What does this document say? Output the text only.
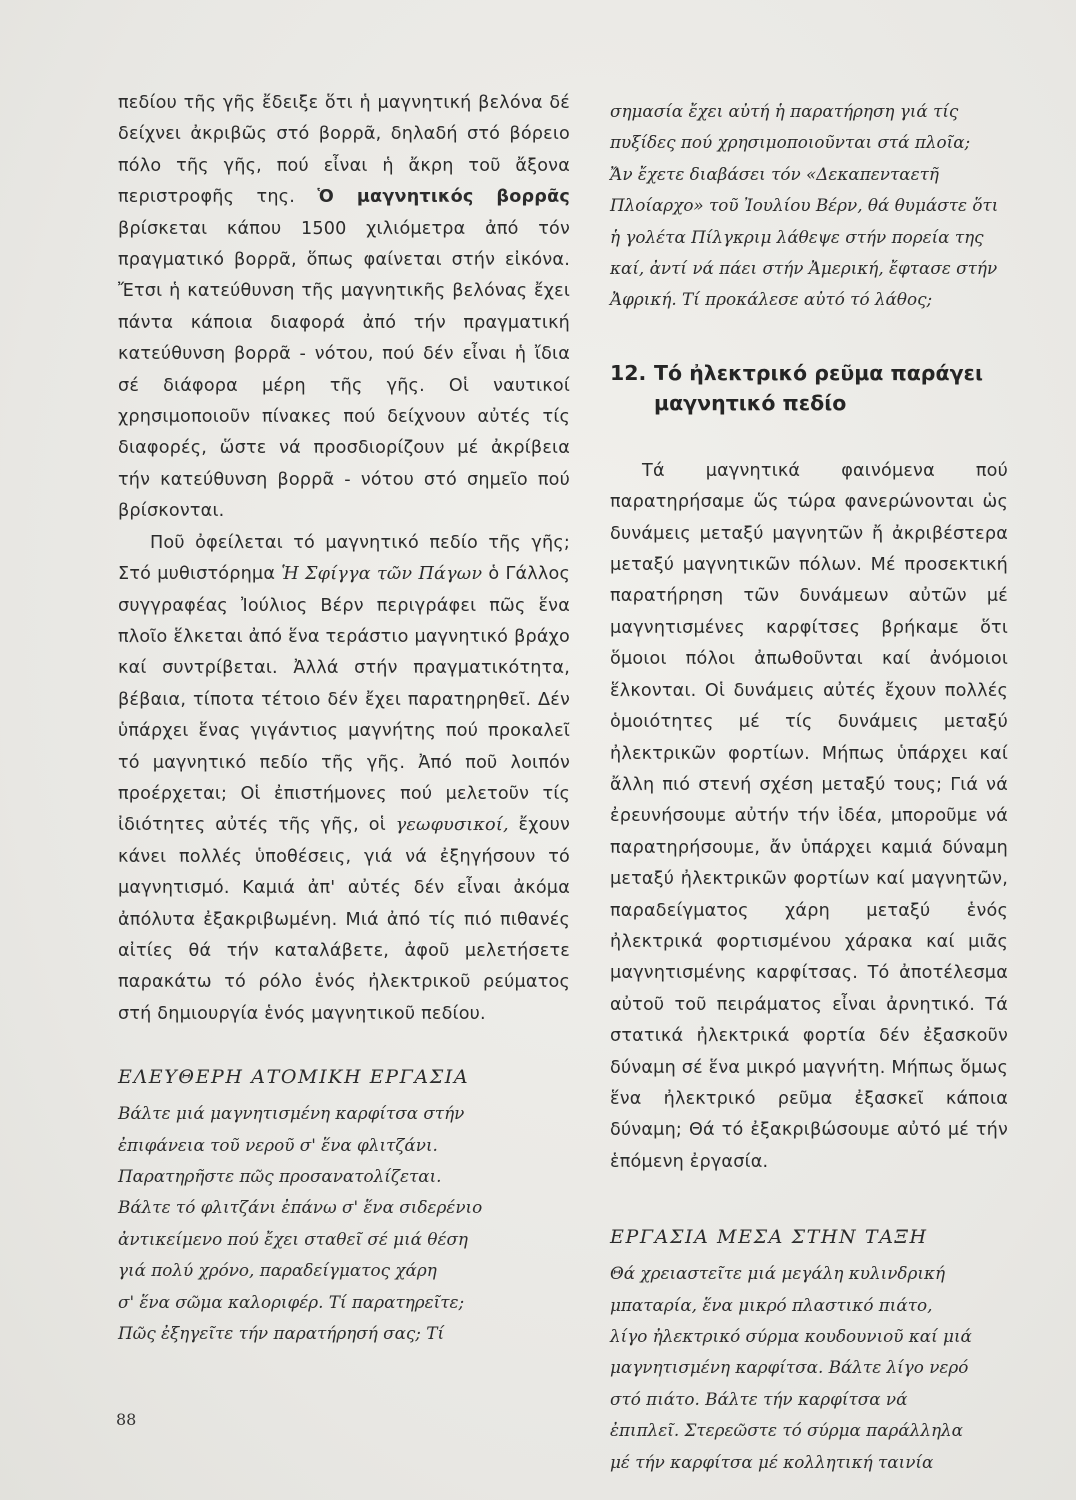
πεδίου τῆς γῆς ἔδειξε ὅτι ἡ μαγνητική βελόνα δέ δείχνει ἀκριβῶς στό βορρᾶ, δηλαδή στό βόρειο πόλο τῆς γῆς, πού εἶναι ἡ ἄκρη τοῦ ἄξονα περιστροφῆς της. Ὁ μαγνητικός βορρᾶς βρίσκεται κάπου 1500 χιλιόμετρα ἀπό τόν πραγματικό βορρᾶ, ὅπως φαίνεται στήν εἰκόνα. Ἔτσι ἡ κατεύθυνση τῆς μαγνητικῆς βελόνας ἔχει πάντα κάποια διαφορά ἀπό τήν πραγματική κατεύθυνση βορρᾶ - νότου, πού δέν εἶναι ἡ ἴδια σέ διάφορα μέρη τῆς γῆς. Οἱ ναυτικοί χρησιμοποιοῦν πίνακες πού δείχνουν αὐτές τίς διαφορές, ὥστε νά προσδιορίζουν μέ ἀκρίβεια τήν κατεύθυνση βορρᾶ - νότου στό σημεῖο πού βρίσκονται.

Ποῦ ὀφείλεται τό μαγνητικό πεδίο τῆς γῆς; Στό μυθιστόρημα Ἡ Σφίγγα τῶν Πάγων ὁ Γάλλος συγγραφέας Ἰούλιος Βέρν περιγράφει πῶς ἕνα πλοῖο ἕλκεται ἀπό ἕνα τεράστιο μαγνητικό βράχο καί συντρίβεται. Ἀλλά στήν πραγματικότητα, βέβαια, τίποτα τέτοιο δέν ἔχει παρατηρηθεῖ. Δέν ὑπάρχει ἕνας γιγάντιος μαγνήτης πού προκαλεῖ τό μαγνητικό πεδίο τῆς γῆς. Ἀπό ποῦ λοιπόν προέρχεται; Οἱ ἐπιστήμονες πού μελετοῦν τίς ἰδιότητες αὐτές τῆς γῆς, οἱ γεωφυσικοί, ἔχουν κάνει πολλές ὑποθέσεις, γιά νά ἐξηγήσουν τό μαγνητισμό. Καμιά ἀπ' αὐτές δέν εἶναι ἀκόμα ἀπόλυτα ἐξακριβωμένη. Μιά ἀπό τίς πιό πιθανές αἰτίες θά τήν καταλάβετε, ἀφοῦ μελετήσετε παρακάτω τό ρόλο ἑνός ἠλεκτρικοῦ ρεύματος στή δημιουργία ἑνός μαγνητικοῦ πεδίου.

ΕΛΕΥΘΕΡΗ ΑΤΟΜΙΚΗ ΕΡΓΑΣΙΑ

Βάλτε μιά μαγνητισμένη καρφίτσα στήν
ἐπιφάνεια τοῦ νεροῦ σ' ἕνα φλιτζάνι.
Παρατηρῆστε πῶς προσανατολίζεται.
Βάλτε τό φλιτζάνι ἐπάνω σ' ἕνα σιδερένιο
ἀντικείμενο πού ἔχει σταθεῖ σέ μιά θέση
γιά πολύ χρόνο, παραδείγματος χάρη
σ' ἕνα σῶμα καλοριφέρ. Τί παρατηρεῖτε;
Πῶς ἐξηγεῖτε τήν παρατήρησή σας; Τί

σημασία ἔχει αὐτή ἡ παρατήρηση γιά τίς
πυξίδες πού χρησιμοποιοῦνται στά πλοῖα;
Ἄν ἔχετε διαβάσει τόν «Δεκαπενταετῆ
Πλοίαρχο» τοῦ Ἰουλίου Βέρν, θά θυμάστε ὅτι
ἡ γολέτα Πίλγκριμ λάθεψε στήν πορεία της
καί, ἀντί νά πάει στήν Ἀμερική, ἔφτασε στήν
Ἀφρική. Τί προκάλεσε αὐτό τό λάθος;

12. Τό ἠλεκτρικό ρεῦμα παράγει
μαγνητικό πεδίο

Τά μαγνητικά φαινόμενα πού παρατηρήσαμε ὥς τώρα φανερώνονται ὡς δυνάμεις μεταξύ μαγνητῶν ἤ ἀκριβέστερα μεταξύ μαγνητικῶν πόλων. Μέ προσεκτική παρατήρηση τῶν δυνάμεων αὐτῶν μέ μαγνητισμένες καρφίτσες βρήκαμε ὅτι ὅμοιοι πόλοι ἀπωθοῦνται καί ἀνόμοιοι ἕλκονται. Οἱ δυνάμεις αὐτές ἔχουν πολλές ὁμοιότητες μέ τίς δυνάμεις μεταξύ ἠλεκτρικῶν φορτίων. Μήπως ὑπάρχει καί ἄλλη πιό στενή σχέση μεταξύ τους; Γιά νά ἐρευνήσουμε αὐτήν τήν ἰδέα, μποροῦμε νά παρατηρήσουμε, ἄν ὑπάρχει καμιά δύναμη μεταξύ ἠλεκτρικῶν φορτίων καί μαγνητῶν, παραδείγματος χάρη μεταξύ ἑνός ἠλεκτρικά φορτισμένου χάρακα καί μιᾶς μαγνητισμένης καρφίτσας. Τό ἀποτέλεσμα αὐτοῦ τοῦ πειράματος εἶναι ἀρνητικό. Τά στατικά ἠλεκτρικά φορτία δέν ἐξασκοῦν δύναμη σέ ἕνα μικρό μαγνήτη. Μήπως ὅμως ἕνα ἠλεκτρικό ρεῦμα ἐξασκεῖ κάποια δύναμη; Θά τό ἐξακριβώσουμε αὐτό μέ τήν ἑπόμενη ἐργασία.

ΕΡΓΑΣΙΑ ΜΕΣΑ ΣΤΗΝ ΤΑΞΗ

Θά χρειαστεῖτε μιά μεγάλη κυλινδρική
μπαταρία, ἕνα μικρό πλαστικό πιάτο,
λίγο ἠλεκτρικό σύρμα κουδουνιοῦ καί μιά
μαγνητισμένη καρφίτσα. Βάλτε λίγο νερό
στό πιάτο. Βάλτε τήν καρφίτσα νά
ἐπιπλεῖ. Στερεῶστε τό σύρμα παράλληλα
μέ τήν καρφίτσα μέ κολλητική ταινία

88
